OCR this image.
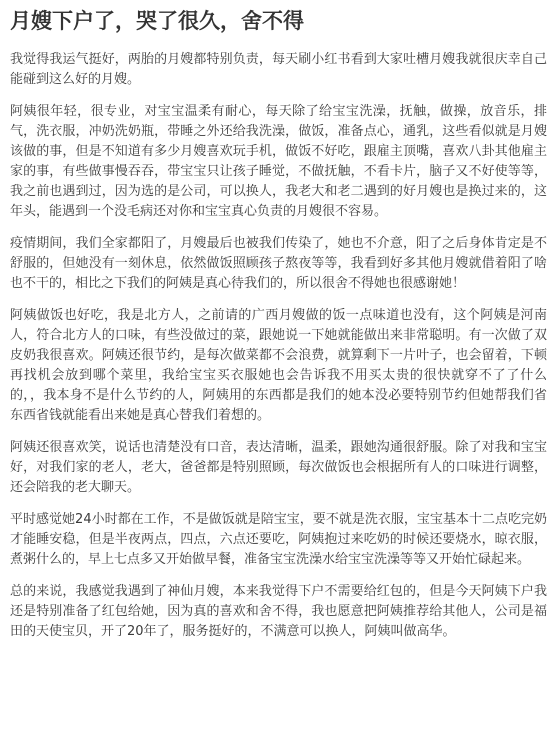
月嫂下户了，哭了很久，舍不得

我觉得我运气挺好，两胎的月嫂都特别负责，每天刷小红书看到大家吐槽月嫂我就很庆幸自己能碰到这么好的月嫂。

阿姨很年轻，很专业，对宝宝温柔有耐心，每天除了给宝宝洗澡，抚触，做操，放音乐，排气，洗衣服，冲奶洗奶瓶，带睡之外还给我洗澡，做饭，准备点心，通乳，这些看似就是月嫂该做的事，但是不知道有多少月嫂喜欢玩手机，做饭不好吃，跟雇主顶嘴，喜欢八卦其他雇主家的事，有些做事慢吞吞，带宝宝只让孩子睡觉，不做抚触，不看卡片，脑子又不好使等等，我之前也遇到过，因为选的是公司，可以换人，我老大和老二遇到的好月嫂也是换过来的，这年头，能遇到一个没毛病还对你和宝宝真心负责的月嫂很不容易。

疫情期间，我们全家都阳了，月嫂最后也被我们传染了，她也不介意，阳了之后身体肯定是不舒服的，但她没有一刻休息，依然做饭照顾孩子熬夜等等，我看到好多其他月嫂就借着阳了啥也不干的，相比之下我们的阿姨是真心待我们的，所以很舍不得她也很感谢她！

阿姨做饭也好吃，我是北方人，之前请的广西月嫂做的饭一点味道也没有，这个阿姨是河南人，符合北方人的口味，有些没做过的菜，跟她说一下她就能做出来非常聪明。有一次做了双皮奶我很喜欢。阿姨还很节约，是每次做菜都不会浪费，就算剩下一片叶子，也会留着，下顿再找机会放到哪个菜里，我给宝宝买衣服她也会告诉我不用买太贵的很快就穿不了了什么的，，我本身不是什么节约的人，阿姨用的东西都是我们的她本没必要特别节约但她帮我们省东西省钱就能看出来她是真心替我们着想的。

阿姨还很喜欢笑，说话也清楚没有口音，表达清晰，温柔，跟她沟通很舒服。除了对我和宝宝好，对我们家的老人，老大，爸爸都是特别照顾，每次做饭也会根据所有人的口味进行调整，还会陪我的老大聊天。

平时感觉她24小时都在工作，不是做饭就是陪宝宝，要不就是洗衣服，宝宝基本十二点吃完奶才能睡安稳，但是半夜两点，四点，六点还要吃，阿姨抱过来吃奶的时候还要烧水，晾衣服，煮粥什么的，早上七点多又开始做早餐，准备宝宝洗澡水给宝宝洗澡等等又开始忙碌起来。

总的来说，我感觉我遇到了神仙月嫂，本来我觉得下户不需要给红包的，但是今天阿姨下户我还是特别准备了红包给她，因为真的喜欢和舍不得，我也愿意把阿姨推荐给其他人，公司是福田的天使宝贝，开了20年了，服务挺好的，不满意可以换人，阿姨叫做高华。
